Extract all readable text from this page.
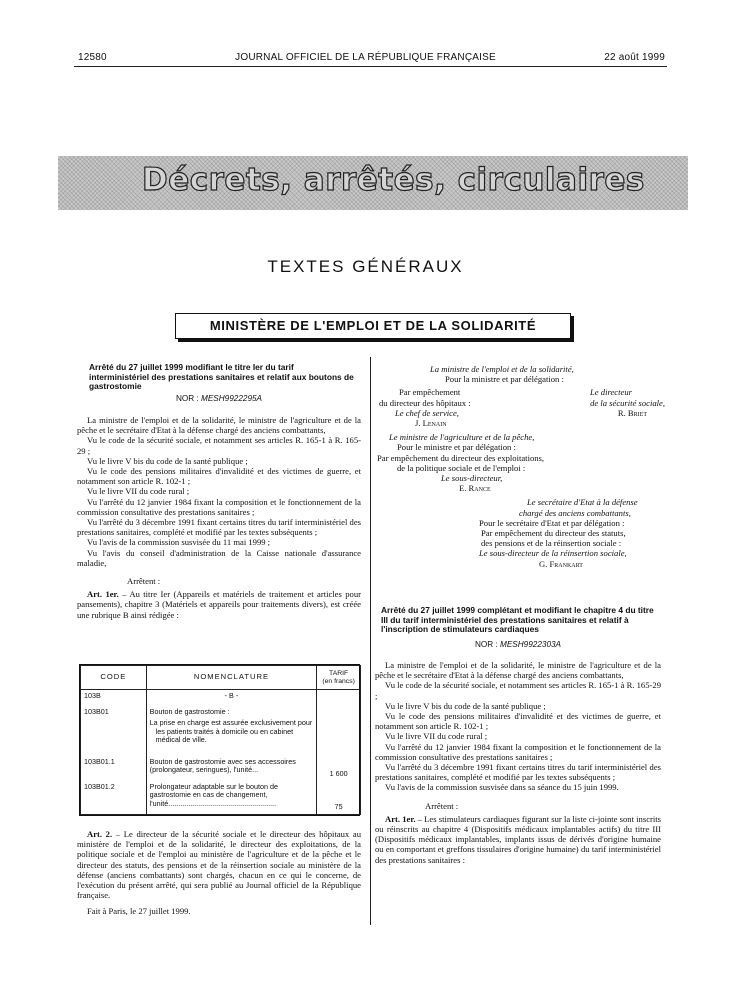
12580	JOURNAL OFFICIEL DE LA RÉPUBLIQUE FRANÇAISE	22 août 1999
Décrets, arrêtés, circulaires
TEXTES GÉNÉRAUX
MINISTÈRE DE L'EMPLOI ET DE LA SOLIDARITÉ
Arrêté du 27 juillet 1999 modifiant le titre Ier du tarif interministériel des prestations sanitaires et relatif aux boutons de gastrostomie
NOR : MESH9922295A
La ministre de l'emploi et de la solidarité, le ministre de l'agriculture et de la pêche et le secrétaire d'Etat à la défense chargé des anciens combattants,
Vu le code de la sécurité sociale, et notamment ses articles R. 165-1 à R. 165-29 ;
Vu le livre V bis du code de la santé publique ;
Vu le code des pensions militaires d'invalidité et des victimes de guerre, et notamment son article R. 102-1 ;
Vu le livre VII du code rural ;
Vu l'arrêté du 12 janvier 1984 fixant la composition et le fonctionnement de la commission consultative des prestations sanitaires ;
Vu l'arrêté du 3 décembre 1991 fixant certains titres du tarif interministériel des prestations sanitaires, complété et modifié par les textes subséquents ;
Vu l'avis de la commission susvisée du 11 mai 1999 ;
Vu l'avis du conseil d'administration de la Caisse nationale d'assurance maladie,
Arrêtent :
Art. 1er. – Au titre Ier (Appareils et matériels de traitement et articles pour pansements), chapitre 3 (Matériels et appareils pour traitements divers), est créée une rubrique B ainsi rédigée :
CODE	NOMENCLATURE	TARIF
(en francs)
103B	- B -	
103B01	Bouton de gastrostomie :
La prise en charge est assurée exclusivement pour les patients traités à domicile ou en cabinet médical de ville.	

103B01.1	Bouton de gastrostomie avec ses accessoires (prolongateur, seringues), l'unité...	1 600
103B01.2	Prolongateur adaptable sur le bouton de gastrostomie en cas de changement, l'unité......................................................	75
Art. 2. – Le directeur de la sécurité sociale et le directeur des hôpitaux au ministère de l'emploi et de la solidarité, le directeur des exploitations, de la politique sociale et de l'emploi au ministère de l'agriculture et de la pêche et le directeur des statuts, des pensions et de la réinsertion sociale au ministère de la défense (anciens combattants) sont chargés, chacun en ce qui le concerne, de l'exécution du présent arrêté, qui sera publié au Journal officiel de la République française.
Fait à Paris, le 27 juillet 1999.
La ministre de l'emploi et de la solidarité,
Pour la ministre et par délégation :
Par empêchement	Le directeur
du directeur des hôpitaux :	de la sécurité sociale,
Le chef de service,	R. Briet
J. Lenain
Le ministre de l'agriculture et de la pêche,
Pour le ministre et par délégation :
Par empêchement du directeur des exploitations,
de la politique sociale et de l'emploi :
Le sous-directeur,
E. Rance
Le secrétaire d'Etat à la défense
chargé des anciens combattants,
Pour le secrétaire d'Etat et par délégation :
Par empêchement du directeur des statuts,
des pensions et de la réinsertion sociale :
Le sous-directeur de la réinsertion sociale,
G. Frankart
Arrêté du 27 juillet 1999 complétant et modifiant le chapitre 4 du titre III du tarif interministériel des prestations sanitaires et relatif à l'inscription de stimulateurs cardiaques
NOR : MESH9922303A
La ministre de l'emploi et de la solidarité, le ministre de l'agriculture et de la pêche et le secrétaire d'Etat à la défense chargé des anciens combattants,
Vu le code de la sécurité sociale, et notamment ses articles R. 165-1 à R. 165-29 ;
Vu le livre V bis du code de la santé publique ;
Vu le code des pensions militaires d'invalidité et des victimes de guerre, et notamment son article R. 102-1 ;
Vu le livre VII du code rural ;
Vu l'arrêté du 12 janvier 1984 fixant la composition et le fonctionnement de la commission consultative des prestations sanitaires ;
Vu l'arrêté du 3 décembre 1991 fixant certains titres du tarif interministériel des prestations sanitaires, complété et modifié par les textes subséquents ;
Vu l'avis de la commission susvisée dans sa séance du 15 juin 1999.
Arrêtent :
Art. 1er. – Les stimulateurs cardiaques figurant sur la liste ci-jointe sont inscrits ou réinscrits au chapitre 4 (Dispositifs médicaux implantables actifs) du titre III (Dispositifs médicaux implantables, implants issus de dérivés d'origine humaine ou en comportant et greffons tissulaires d'origine humaine) du tarif interministériel des prestations sanitaires :
